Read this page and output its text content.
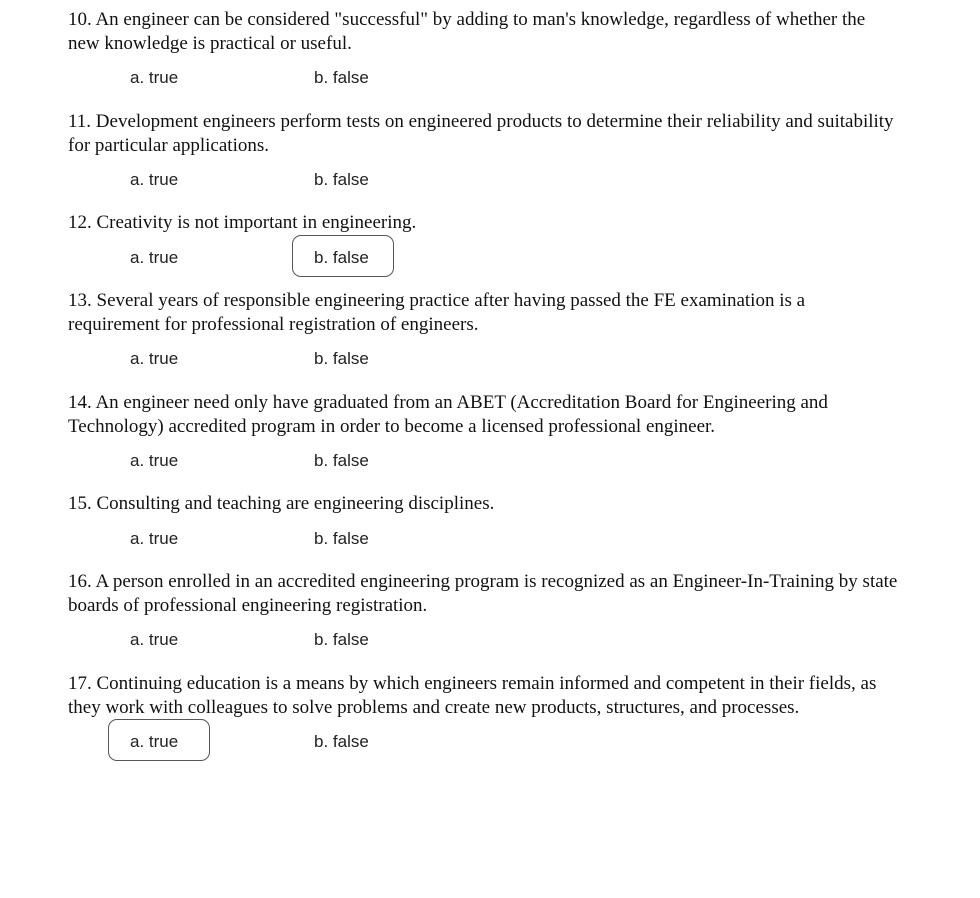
10. An engineer can be considered "successful" by adding to man's knowledge, regardless of whether the new knowledge is practical or useful.

a. true	b. false

11. Development engineers perform tests on engineered products to determine their reliability and suitability for particular applications.

a. true	b. false

12. Creativity is not important in engineering.

a. true	b. false

13. Several years of responsible engineering practice after having passed the FE examination is a requirement for professional registration of engineers.

a. true	b. false

14. An engineer need only have graduated from an ABET (Accreditation Board for Engineering and Technology) accredited program in order to become a licensed professional engineer.

a. true	b. false

15. Consulting and teaching are engineering disciplines.

a. true	b. false

16. A person enrolled in an accredited engineering program is recognized as an Engineer-In-Training by state boards of professional engineering registration.

a. true	b. false

17. Continuing education is a means by which engineers remain informed and competent in their fields, as they work with colleagues to solve problems and create new products, structures, and processes.

a. true	b. false
